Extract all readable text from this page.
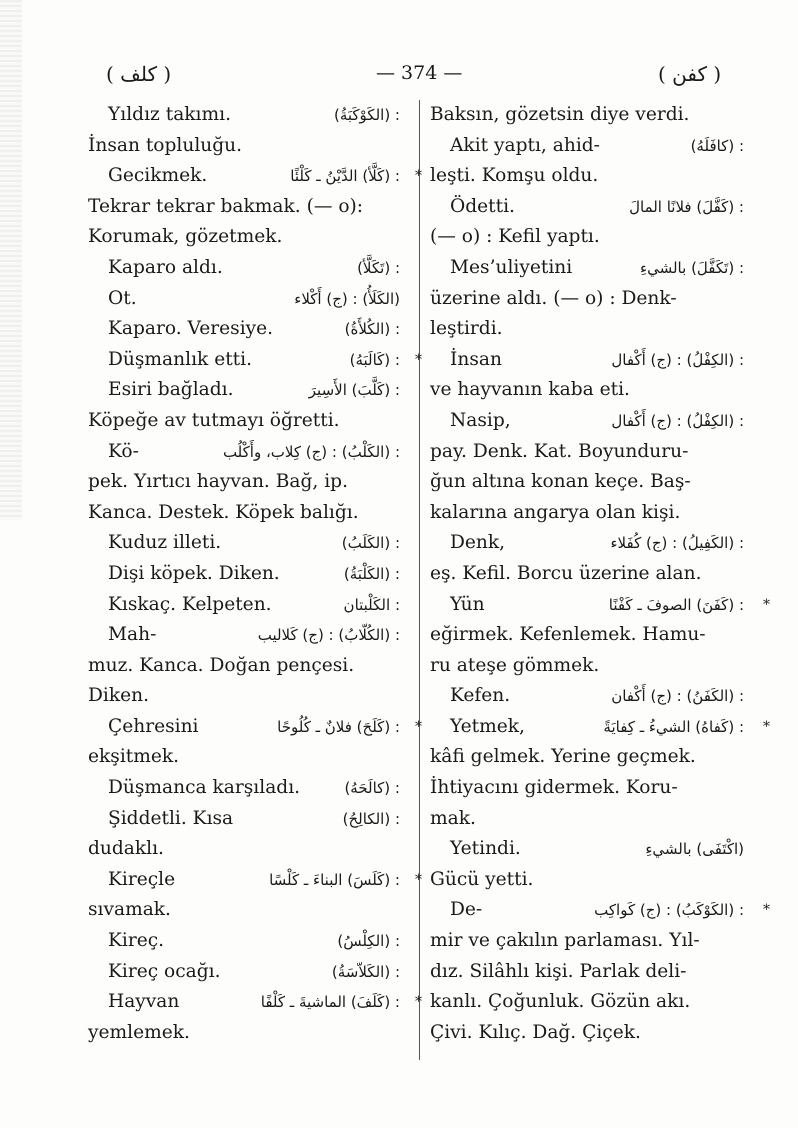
( كلف )	— 374 —	( كفن )
Yıldız takımı.	: (الكَوْكَبَةُ)
İnsan topluluğu.
Gecikmek.	: (كَلَّأ) الدَّيْنُ ـ كَلْئًا *
Tekrar tekrar bakmak. (— o):
Korumak, gözetmek.
Kaparo aldı.	: (تَكَلَّأ)
Ot.	(الكَلَأُ) : (ج) أَكْلاء
Kaparo. Veresiye.	: (الكُلأَةُ)
Düşmanlık etti.	: (كَالَبَهُ) *
Esiri bağladı.	: (كَلَّبَ) الأَسِيرَ
Köpeğe av tutmayı öğretti.
Kö-	: (الكَلْبُ) : (ج) كِلاب، وأَكْلُب
pek. Yırtıcı hayvan. Bağ, ip.
Kanca. Destek. Köpek balığı.
Kuduz illeti.	: (الكَلَبُ)
Dişi köpek. Diken.	: (الكَلْبَةُ)
Kıskaç. Kelpeten.	: الكَلْبتان
Mah-	: (الكُلّابُ) : (ج) كَلاليب
muz. Kanca. Doğan pençesi.
Diken.
Çehresini	: (كَلَحَ) فلانٌ ـ كُلُوحًا *
ekşitmek.
Düşmanca karşıladı.	: (كالَحَهُ)
Şiddetli. Kısa	: (الكالِحُ)
dudaklı.
Kireçle	: (كَلَسَ) البناءَ ـ كَلْسًا *
sıvamak.
Kireç.	: (الكِلْسُ)
Kireç ocağı.	: (الكَلاّسَةُ)
Hayvan	: (كَلَفَ) الماشيةَ ـ كَلْفًا *
yemlemek.
Baksın, gözetsin diye verdi.
Akit yaptı, ahid-	: (كافَلَهُ)
leşti. Komşu oldu.
Ödetti.	: (كَفَّلَ) فلانًا المالَ
(— o) : Kefil yaptı.
Mes’uliyetini	: (تَكَفَّلَ) بالشيءِ
üzerine aldı. (— o) : Denk-
leştirdi.
İnsan	: (الكِفْلُ) : (ج) أَكْفال
ve hayvanın kaba eti.
Nasip,	: (الكِفْلُ) : (ج) أَكْفال
pay. Denk. Kat. Boyunduru-
ğun altına konan keçe. Baş-
kalarına angarya olan kişi.
Denk,	: (الكَفِيلُ) : (ج) كُفَلاء
eş. Kefil. Borcu üzerine alan.
Yün	: (كَفَنَ) الصوفَ ـ كَفْنًا *
eğirmek. Kefenlemek. Hamu-
ru ateşe gömmek.
Kefen.	: (الكَفَنُ) : (ج) أَكْفان
Yetmek,	: (كَفاهُ) الشيءُ ـ كِفايَةً *
kâfi gelmek. Yerine geçmek.
İhtiyacını gidermek. Koru-
mak.
Yetindi.	(اكْتَفَى) بالشيءِ
Gücü yetti.
De-	: (الكَوْكَبُ) : (ج) كَواكِب *
mir ve çakılın parlaması. Yıl-
dız. Silâhlı kişi. Parlak deli-
kanlı. Çoğunluk. Gözün akı.
Çivi. Kılıç. Dağ. Çiçek.
